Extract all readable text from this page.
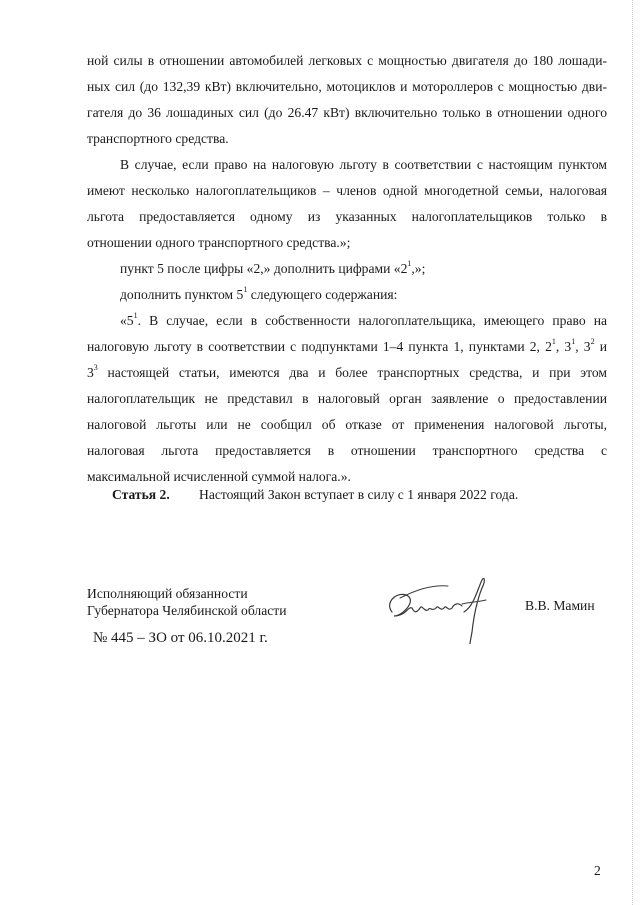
ной силы в отношении автомобилей легковых с мощностью двигателя до 180 лошади-
ных сил (до 132,39 кВт) включительно, мотоциклов и мотороллеров с мощностью дви-
гателя до 36 лошадиных сил (до 26.47 кВт) включительно только в отношении одного
транспортного средства.
В случае, если право на налоговую льготу в соответствии с настоящим пунктом
имеют несколько налогоплательщиков – членов одной многодетной семьи, налоговая
льгота предоставляется одному из указанных налогоплательщиков только в
отношении одного транспортного средства.»;
пункт 5 после цифры «2,» дополнить цифрами «$2^1$,»;
дополнить пунктом $5^1$ следующего содержания:
«$5^1$. В случае, если в собственности налогоплательщика, имеющего право на
налоговую льготу в соответствии с подпунктами 1–4 пункта 1, пунктами 2, $2^1$, $3^1$, $3^2$ и
$3^3$ настоящей статьи, имеются два и более транспортных средства, и при этом
налогоплательщик не представил в налоговый орган заявление о предоставлении
налоговой льготы или не сообщил об отказе от применения налоговой льготы,
налоговая льгота предоставляется в отношении транспортного средства с
максимальной исчисленной суммой налога.».
Статья 2. Настоящий Закон вступает в силу с 1 января 2022 года.
Исполняющий обязанности
Губернатора Челябинской области	В.В. Мамин
№ 445 – ЗО от 06.10.2021 г.
2
